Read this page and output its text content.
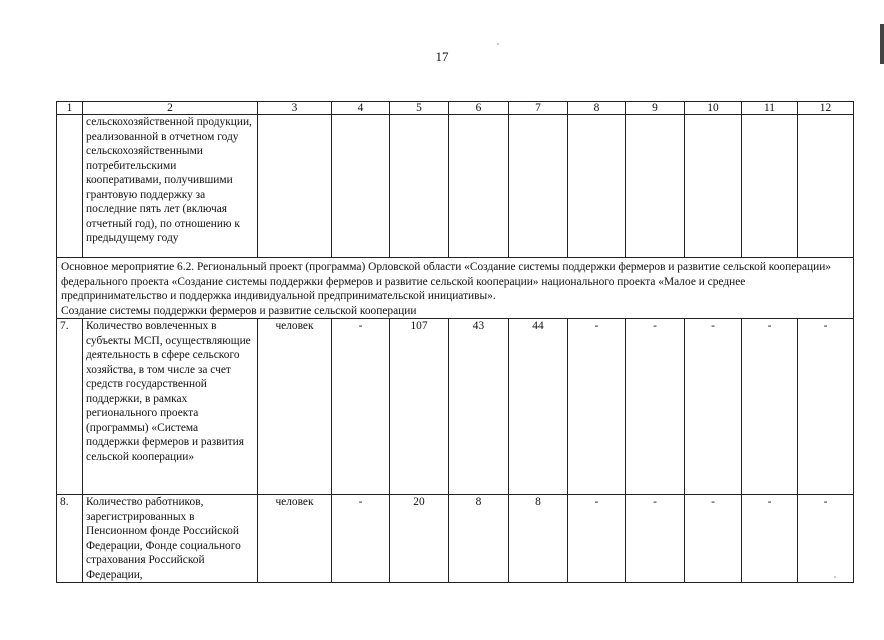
17
1	2	3	4	5	6	7	8	9	10	11	12
	сельскохозяйственной продукции, реализованной в отчетном году сельскохозяйственными потребительскими кооперативами, получившими грантовую поддержку за последние пять лет (включая отчетный год), по отношению к предыдущему году										

Основное мероприятие 6.2. Региональный проект (программа) Орловской области «Создание системы поддержки фермеров и развитие сельской кооперации» федерального проекта «Создание системы поддержки фермеров и развитие сельской кооперации» национального проекта «Малое и среднее предпринимательство и поддержка индивидуальной предпринимательской инициативы».
Создание системы поддержки фермеров и развитие сельской кооперации											

7.	Количество вовлеченных в субъекты МСП, осуществляющие деятельность в сфере сельского хозяйства, в том числе за счет средств государственной поддержки, в рамках регионального проекта (программы) «Система поддержки фермеров и развития сельской кооперации»	человек	-	107	43	44	-	-	-	-	-
8.	Количество работников, зарегистрированных в Пенсионном фонде Российской Федерации, Фонде социального страхования Российской Федерации,	человек	-	20	8	8	-	-	-	-	-
